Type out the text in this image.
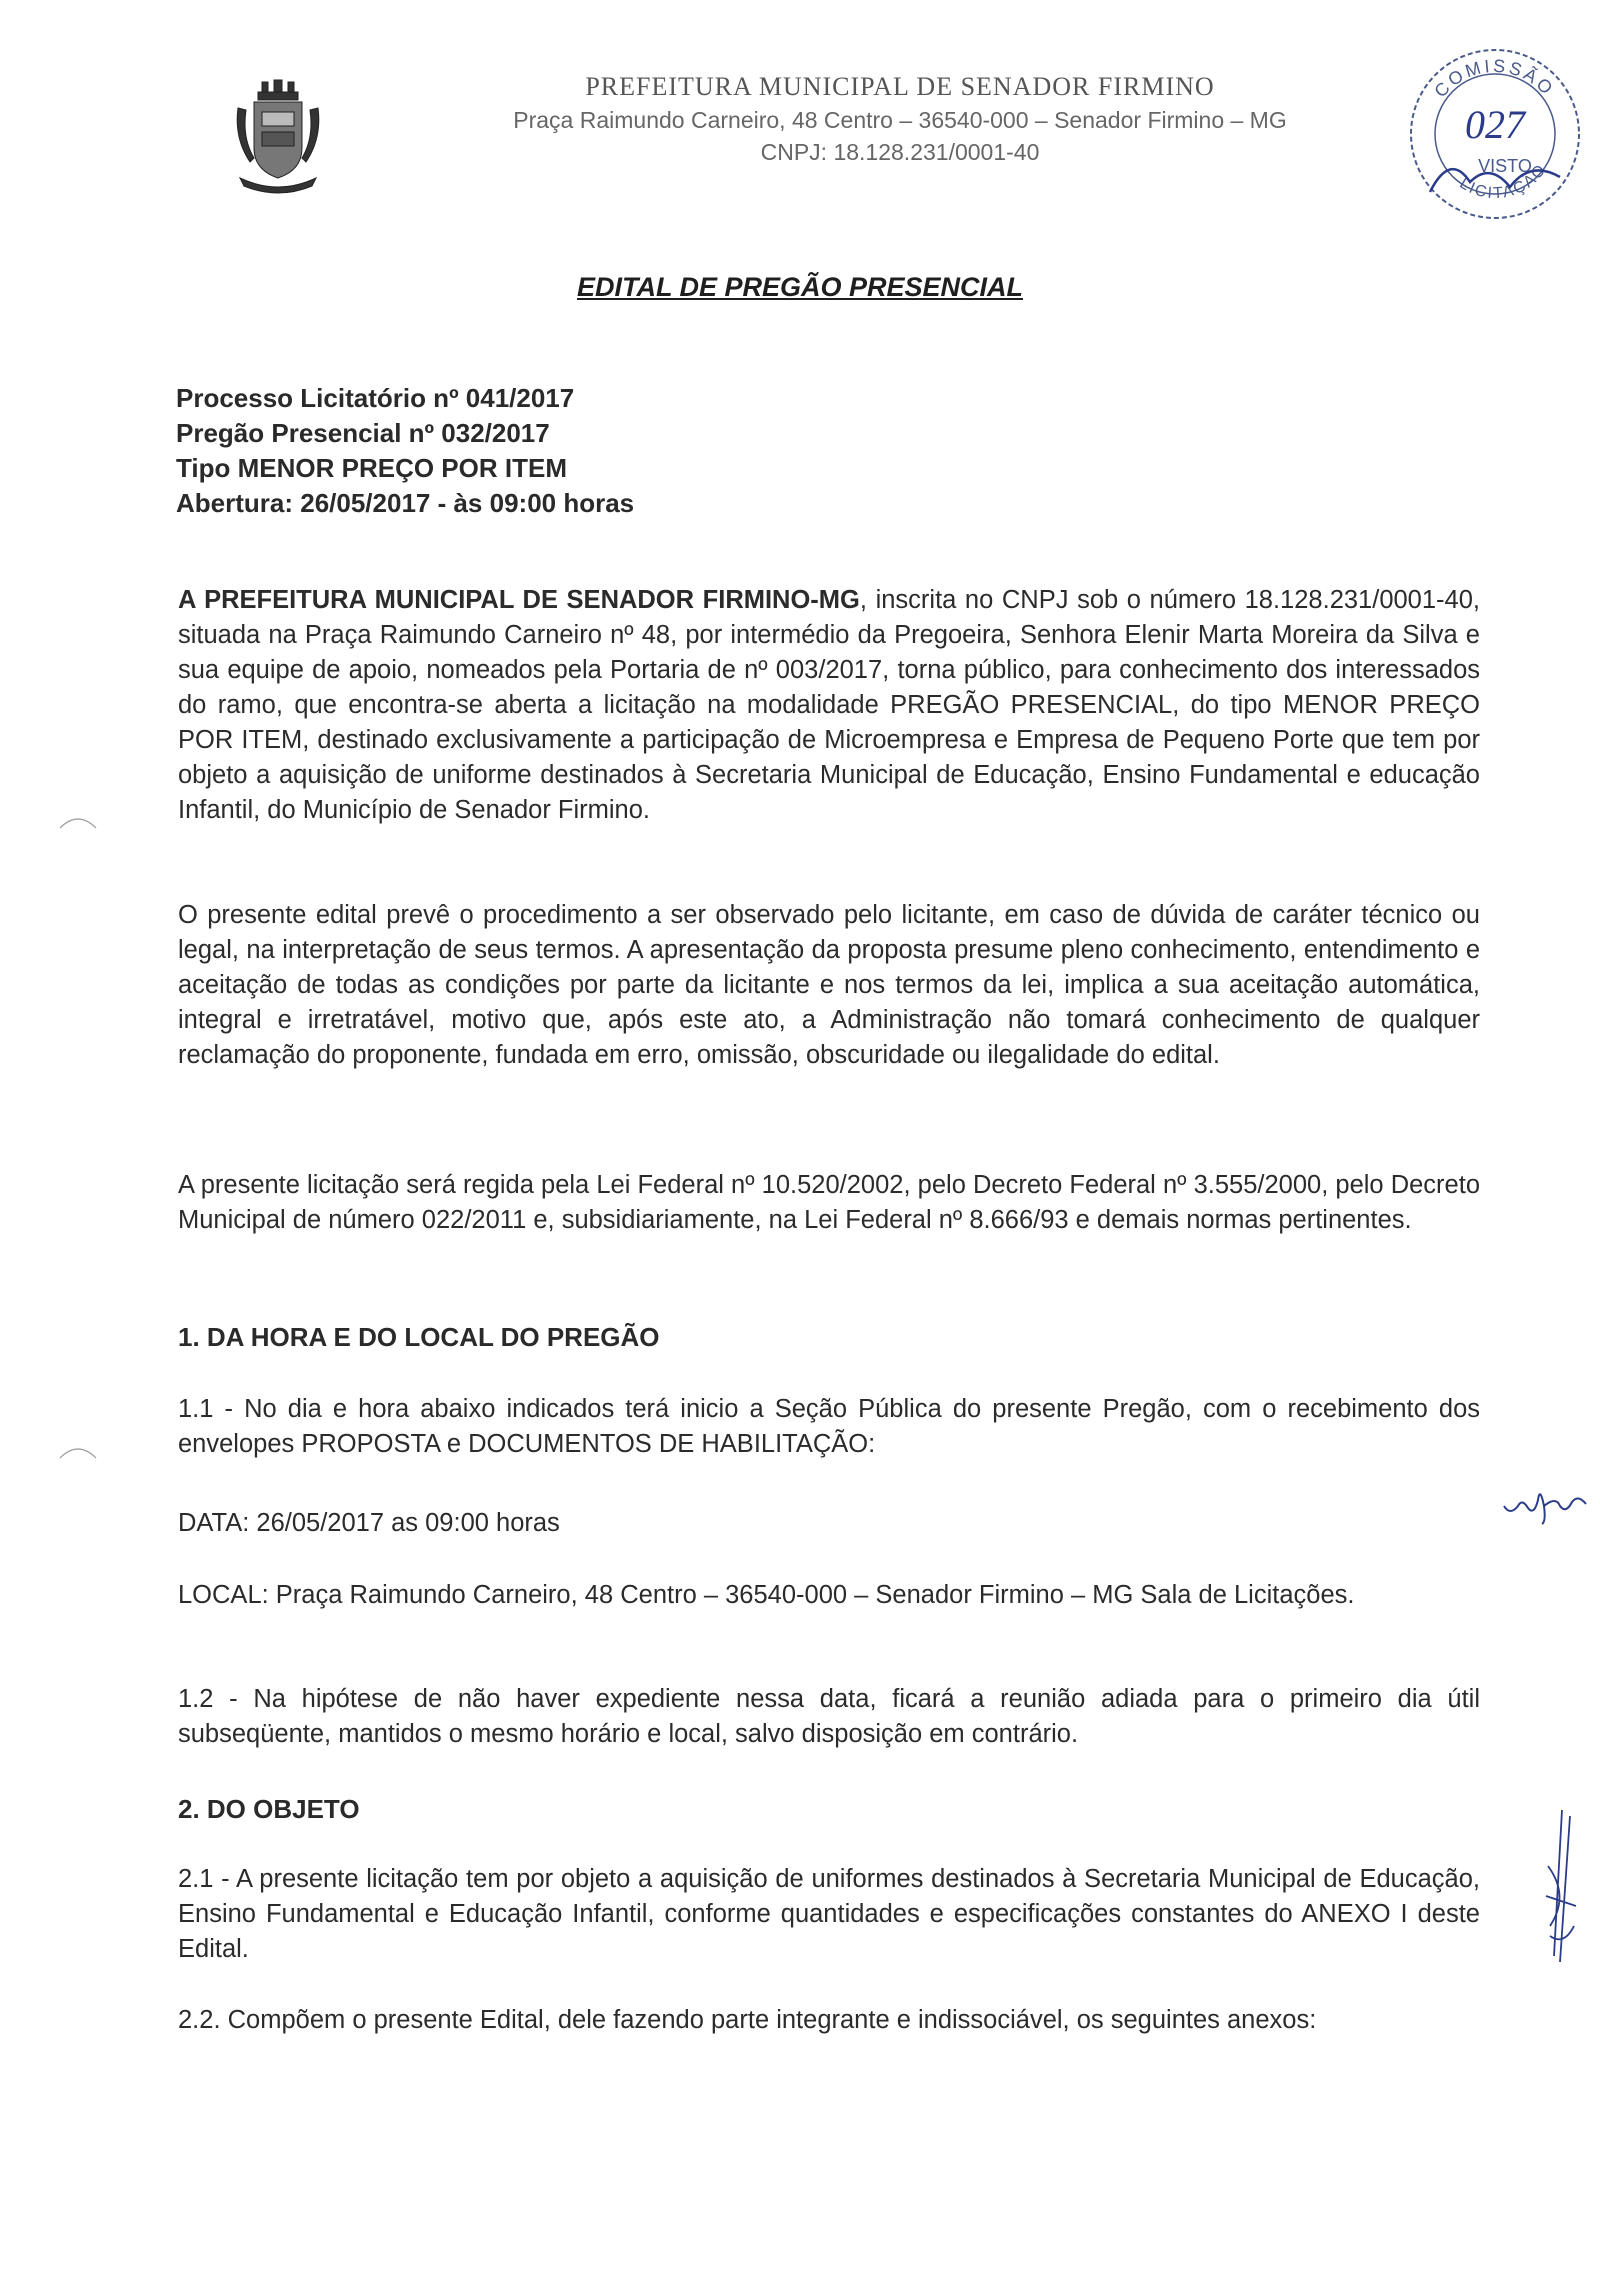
PREFEITURA MUNICIPAL DE SENADOR FIRMINO
Praça Raimundo Carneiro, 48 Centro – 36540-000 – Senador Firmino – MG
CNPJ: 18.128.231/0001-40
COMISSÃO
LICITAÇÃO
027
VISTO
EDITAL DE PREGÃO PRESENCIAL
Processo Licitatório nº 041/2017
Pregão Presencial nº 032/2017
Tipo MENOR PREÇO POR ITEM
Abertura: 26/05/2017 - às 09:00 horas

A PREFEITURA MUNICIPAL DE SENADOR FIRMINO-MG, inscrita no CNPJ sob o número 18.128.231/0001-40, situada na Praça Raimundo Carneiro nº 48, por intermédio da Pregoeira, Senhora Elenir Marta Moreira da Silva e sua equipe de apoio, nomeados pela Portaria de nº 003/2017, torna público, para conhecimento dos interessados do ramo, que encontra-se aberta a licitação na modalidade PREGÃO PRESENCIAL, do tipo MENOR PREÇO POR ITEM, destinado exclusivamente a participação de Microempresa e Empresa de Pequeno Porte que tem por objeto a aquisição de uniforme destinados à Secretaria Municipal de Educação, Ensino Fundamental e educação Infantil, do Município de Senador Firmino.

O presente edital prevê o procedimento a ser observado pelo licitante, em caso de dúvida de caráter técnico ou legal, na interpretação de seus termos. A apresentação da proposta presume pleno conhecimento, entendimento e aceitação de todas as condições por parte da licitante e nos termos da lei, implica a sua aceitação automática, integral e irretratável, motivo que, após este ato, a Administração não tomará conhecimento de qualquer reclamação do proponente, fundada em erro, omissão, obscuridade ou ilegalidade do edital.

A presente licitação será regida pela Lei Federal nº 10.520/2002, pelo Decreto Federal nº 3.555/2000, pelo Decreto Municipal de número 022/2011 e, subsidiariamente, na Lei Federal nº 8.666/93 e demais normas pertinentes.

1. DA HORA E DO LOCAL DO PREGÃO

1.1 - No dia e hora abaixo indicados terá inicio a Seção Pública do presente Pregão, com o recebimento dos envelopes PROPOSTA e DOCUMENTOS DE HABILITAÇÃO:

DATA: 26/05/2017 as 09:00 horas

LOCAL: Praça Raimundo Carneiro, 48 Centro – 36540-000 – Senador Firmino – MG Sala de Licitações.

1.2 - Na hipótese de não haver expediente nessa data, ficará a reunião adiada para o primeiro dia útil subseqüente, mantidos o mesmo horário e local, salvo disposição em contrário.

2. DO OBJETO

2.1 - A presente licitação tem por objeto a aquisição de uniformes destinados à Secretaria Municipal de Educação, Ensino Fundamental e Educação Infantil, conforme quantidades e especificações constantes do ANEXO I deste Edital.

2.2. Compõem o presente Edital, dele fazendo parte integrante e indissociável, os seguintes anexos:
